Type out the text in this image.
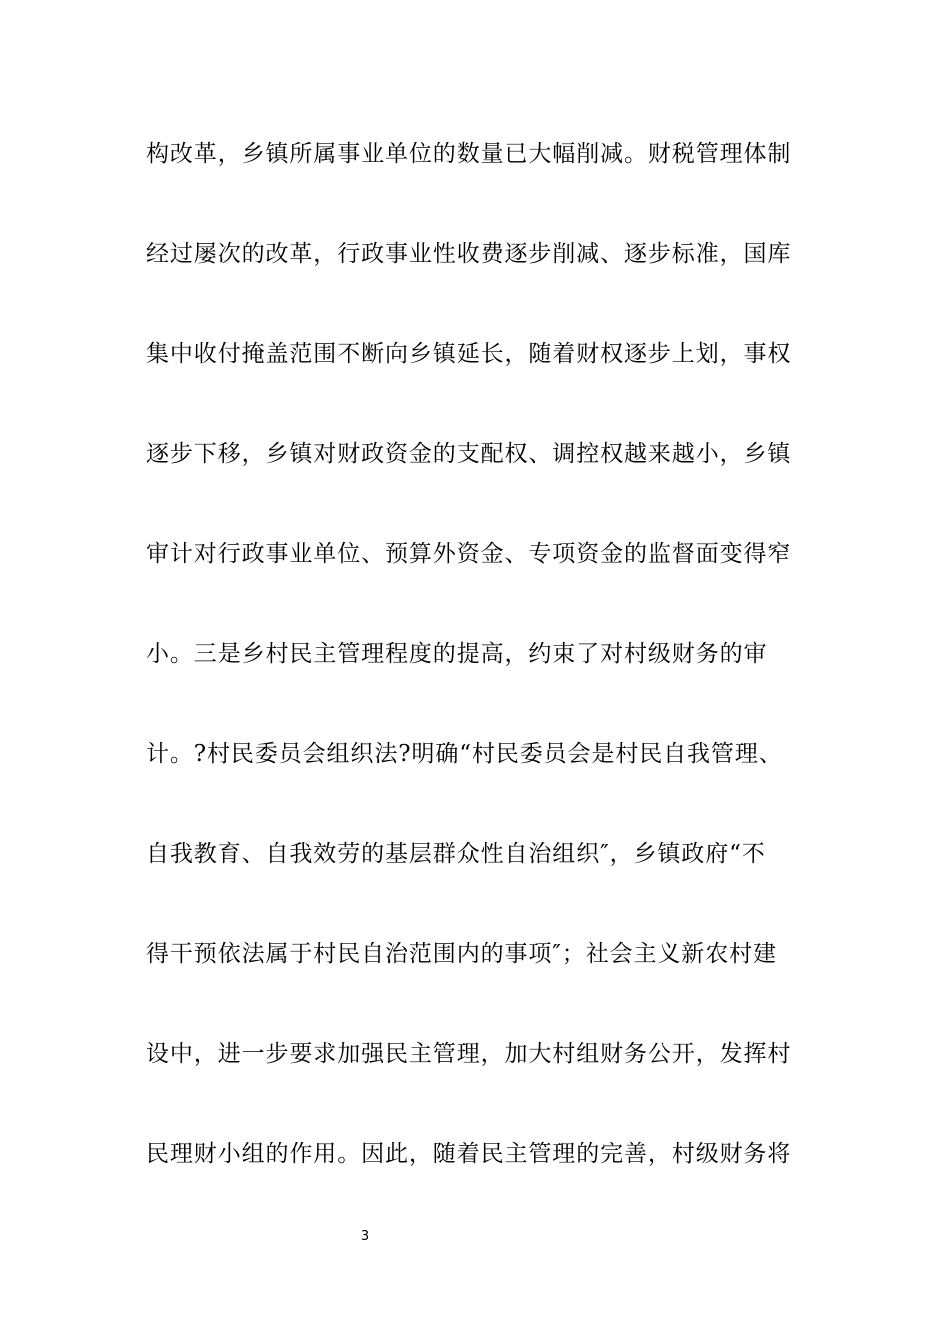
构改革，乡镇所属事业单位的数量已大幅削减。财税管理体制
经过屡次的改革，行政事业性收费逐步削减、逐步标准，国库
集中收付掩盖范围不断向乡镇延长，随着财权逐步上划，事权
逐步下移，乡镇对财政资金的支配权、调控权越来越小，乡镇
审计对行政事业单位、预算外资金、专项资金的监督面变得窄
小。三是乡村民主管理程度的提高，约束了对村级财务的审
计。?村民委员会组织法?明确“村民委员会是村民自我管理、
自我教育、自我效劳的基层群众性自治组织″，乡镇政府“不
得干预依法属于村民自治范围内的事项″；社会主义新农村建
设中，进一步要求加强民主管理，加大村组财务公开，发挥村
民理财小组的作用。因此，随着民主管理的完善，村级财务将
3
